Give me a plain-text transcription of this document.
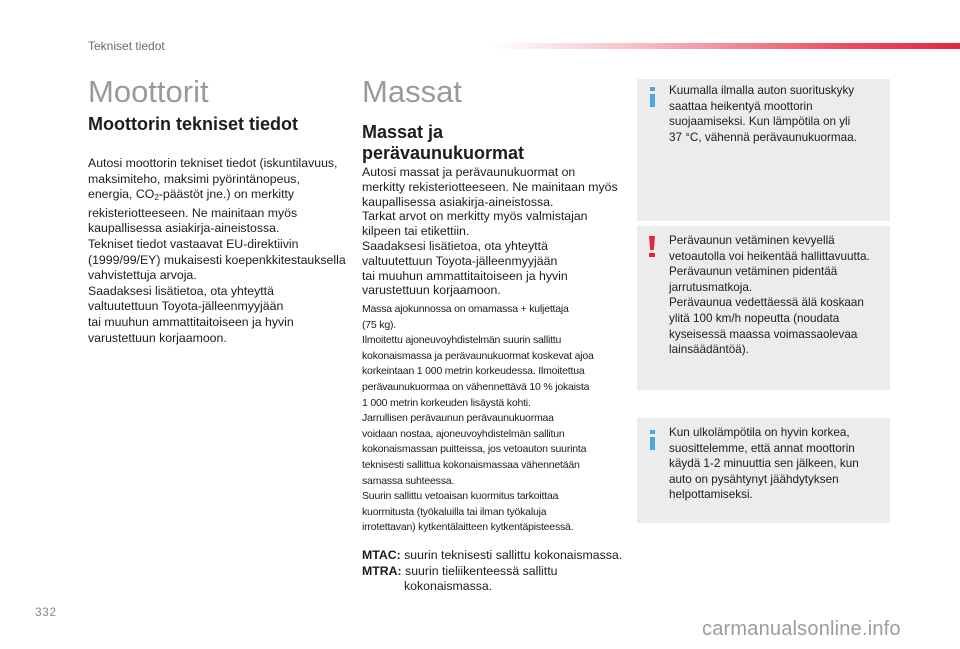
Tekniset tiedot
Moottorit
Moottorin tekniset tiedot
Autosi moottorin tekniset tiedot (iskuntilavuus,
maksimiteho, maksimi pyörintänopeus,
energia, $CO_2$-päästöt jne.) on merkitty
rekisteriotteeseen. Ne mainitaan myös
kaupallisessa asiakirja-aineistossa.
Tekniset tiedot vastaavat EU-direktiivin
(1999/99/EY) mukaisesti koepenkkitestauksella
vahvistettuja arvoja.
Saadaksesi lisätietoa, ota yhteyttä
valtuutettuun Toyota-jälleenmyyjään
tai muuhun ammattitaitoiseen ja hyvin
varustettuun korjaamoon.
Massat
Massat ja
perävaunukuormat
Autosi massat ja perävaunukuormat on
merkitty rekisteriotteeseen. Ne mainitaan myös
kaupallisessa asiakirja-aineistossa.
Tarkat arvot on merkitty myös valmistajan
kilpeen tai etikettiin.
Saadaksesi lisätietoa, ota yhteyttä
valtuutettuun Toyota-jälleenmyyjään
tai muuhun ammattitaitoiseen ja hyvin
varustettuun korjaamoon.
Massa ajokunnossa on omamassa + kuljettaja
(75 kg).
Ilmoitettu ajoneuvoyhdistelmän suurin sallittu
kokonaismassa ja perävaunukuormat koskevat ajoa
korkeintaan 1 000 metrin korkeudessa. Ilmoitettua
perävaunukuormaa on vähennettävä 10 % jokaista
1 000 metrin korkeuden lisäystä kohti.
Jarrullisen perävaunun perävaunukuormaa
voidaan nostaa, ajoneuvoyhdistelmän sallitun
kokonaismassan puitteissa, jos vetoauton suurinta
teknisesti sallittua kokonaismassaa vähennetään
samassa suhteessa.
Suurin sallittu vetoaisan kuormitus tarkoittaa
kuormitusta (työkaluilla tai ilman työkaluja
irrotettavan) kytkentälaitteen kytkentäpisteessä.
MTAC: suurin teknisesti sallittu kokonaismassa.
MTRA: suurin tieliikenteessä sallittu
kokonaismassa.
Kuumalla ilmalla auton suorituskyky
saattaa heikentyä moottorin
suojaamiseksi. Kun lämpötila on yli
37 °C, vähennä perävaunukuormaa.
Perävaunun vetäminen kevyellä
vetoautolla voi heikentää hallittavuutta.
Perävaunun vetäminen pidentää
jarrutusmatkoja.
Perävaunua vedettäessä älä koskaan
ylitä 100 km/h nopeutta (noudata
kyseisessä maassa voimassaolevaa
lainsäädäntöä).
Kun ulkolämpötila on hyvin korkea,
suosittelemme, että annat moottorin
käydä 1-2 minuuttia sen jälkeen, kun
auto on pysähtynyt jäähdytyksen
helpottamiseksi.
332
carmanualsonline.info
